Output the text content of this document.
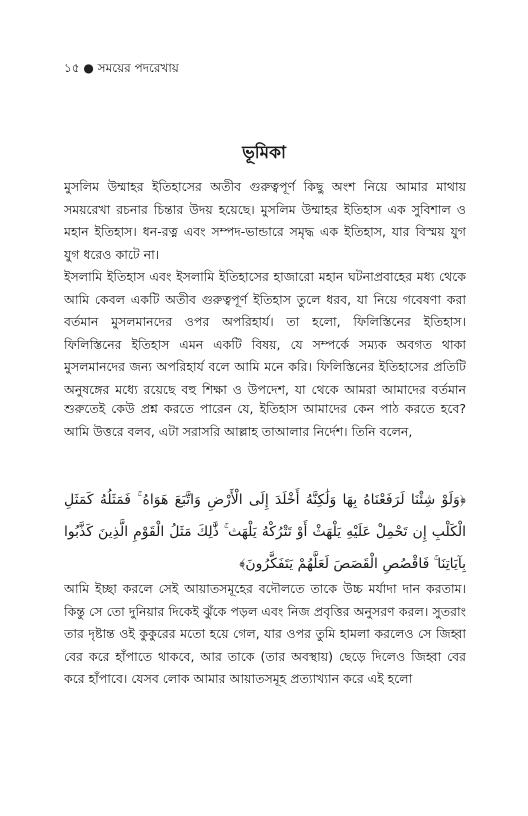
১৫ ● সময়ের পদরেখায়
ভূমিকা

মুসলিম উম্মাহর ইতিহাসের অতীব গুরুত্বপূর্ণ কিছু অংশ নিয়ে আমার মাথায় সময়রেখা রচনার চিন্তার উদয় হয়েছে। মুসলিম উম্মাহর ইতিহাস এক সুবিশাল ও মহান ইতিহাস। ধন-রত্ন এবং সম্পদ-ভান্ডারে সমৃদ্ধ এক ইতিহাস, যার বিস্ময় যুগ যুগ ধরেও কাটে না।

ইসলামি ইতিহাস এবং ইসলামি ইতিহাসের হাজারো মহান ঘটনাপ্রবাহের মধ্য থেকে আমি কেবল একটি অতীব গুরুত্বপূর্ণ ইতিহাস তুলে ধরব, যা নিয়ে গবেষণা করা বর্তমান মুসলমানদের ওপর অপরিহার্য। তা হলো, ফিলিস্তিনের ইতিহাস। ফিলিস্তিনের ইতিহাস এমন একটি বিষয়, যে সম্পর্কে সম্যক অবগত থাকা মুসলমানদের জন্য অপরিহার্য বলে আমি মনে করি। ফিলিস্তিনের ইতিহাসের প্রতিটি অনুষঙ্গের মধ্যে রয়েছে বহু শিক্ষা ও উপদেশ, যা থেকে আমরা আমাদের বর্তমান

শুরুতেই কেউ প্রশ্ন করতে পারেন যে, ইতিহাস আমাদের কেন পাঠ করতে হবে? আমি উত্তরে বলব, এটা সরাসরি আল্লাহ তাআলার নির্দেশ। তিনি বলেন,

﴿وَلَوْ شِئْنَا لَرَفَعْنَاهُ بِهَا وَلَٰكِنَّهُ أَخْلَدَ إِلَى الْأَرْضِ وَاتَّبَعَ هَوَاهُ ۚ فَمَثَلُهُ كَمَثَلِ الْكَلْبِ إِن تَحْمِلْ عَلَيْهِ يَلْهَثْ أَوْ تَتْرُكْهُ يَلْهَث ۚ ذَّٰلِكَ مَثَلُ الْقَوْمِ الَّذِينَ كَذَّبُوا بِآيَاتِنَا ۚ فَاقْصُصِ الْقَصَصَ لَعَلَّهُمْ يَتَفَكَّرُونَ﴾

আমি ইচ্ছা করলে সেই আয়াতসমূহের বদৌলতে তাকে উচ্চ মর্যাদা দান করতাম। কিন্তু সে তো দুনিয়ার দিকেই ঝুঁকে পড়ল এবং নিজ প্রবৃত্তির অনুসরণ করল। সুতরাং তার দৃষ্টান্ত ওই কুকুরের মতো হয়ে গেল, যার ওপর তুমি হামলা করলেও সে জিহ্বা বের করে হাঁপাতে থাকবে, আর তাকে (তার অবস্থায়) ছেড়ে দিলেও জিহ্বা বের করে হাঁপাবে। যেসব লোক আমার আয়াতসমূহ প্রত্যাখ্যান করে এই হলো
